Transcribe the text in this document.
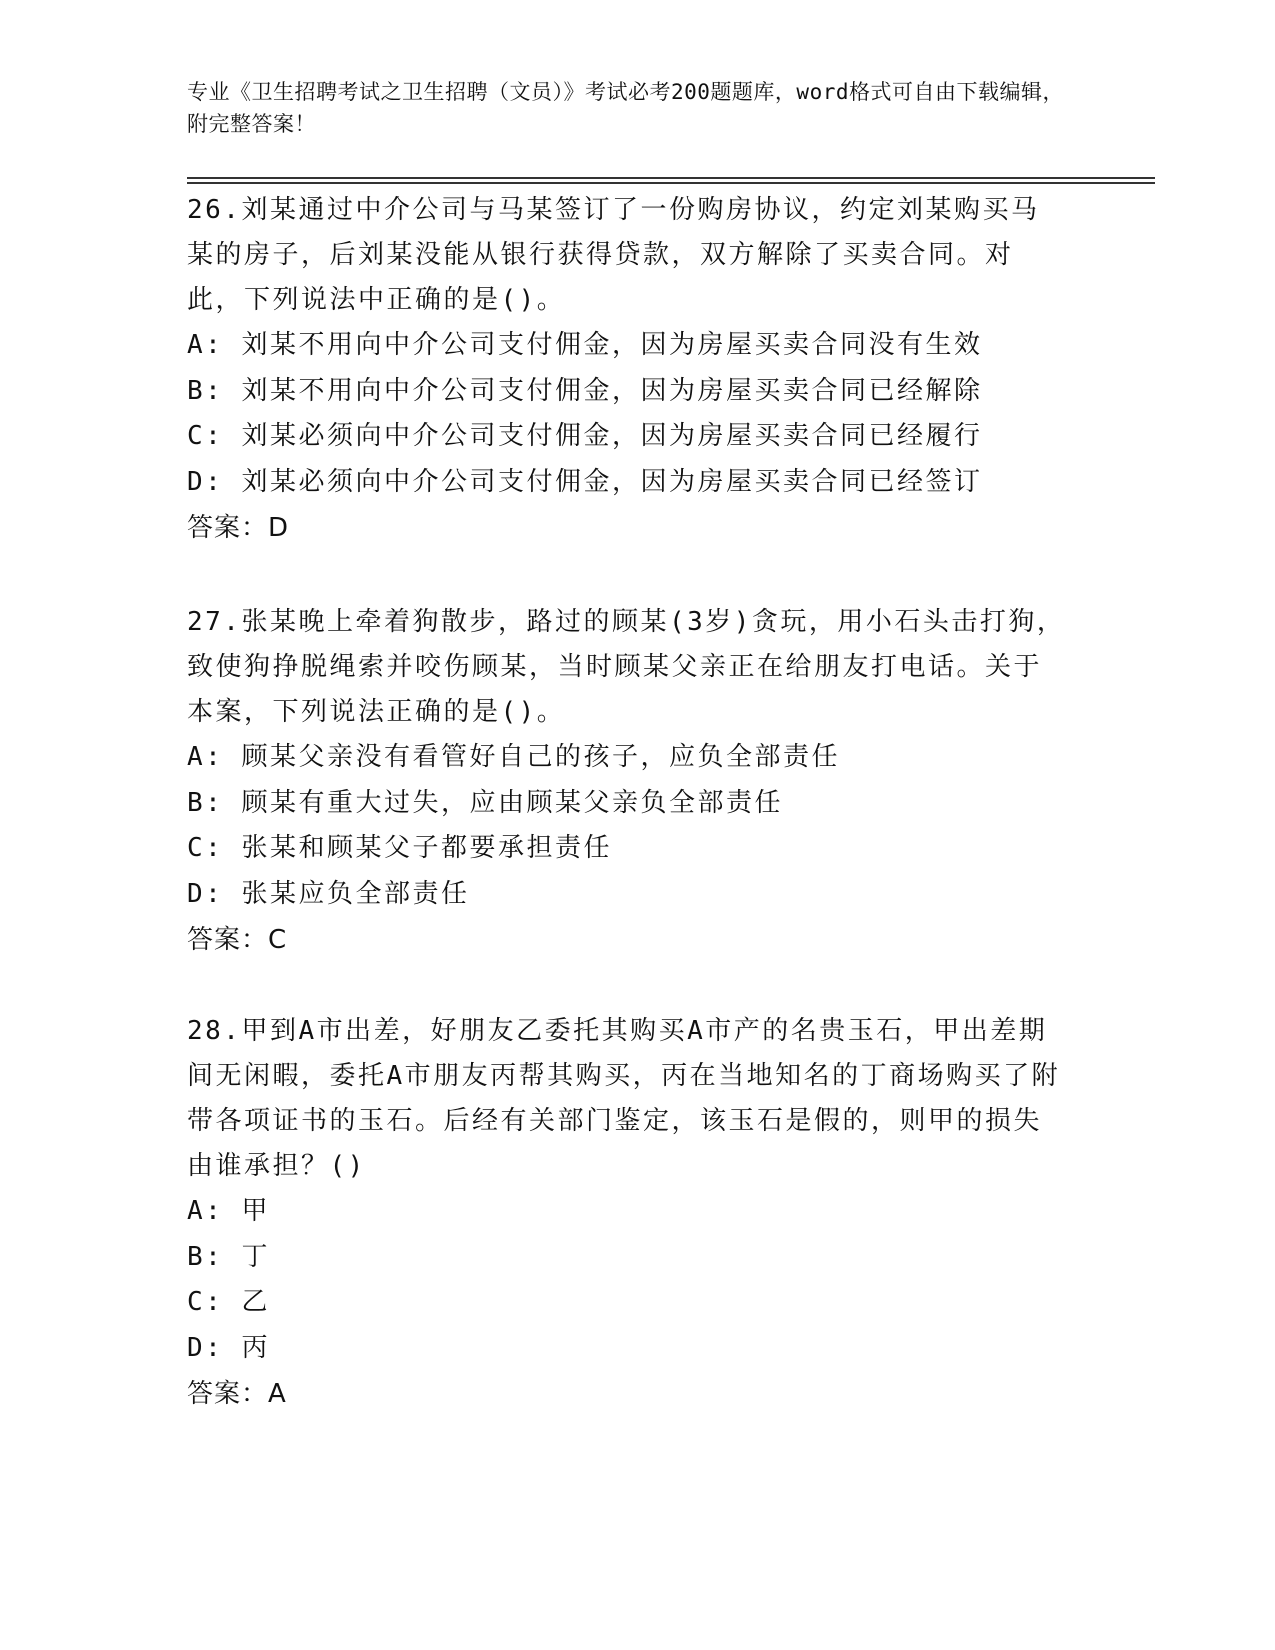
专业《卫生招聘考试之卫生招聘（文员）》考试必考200题题库，word格式可自由下载编辑，附完整答案！

26.刘某通过中介公司与马某签订了一份购房协议，约定刘某购买马某的房子，后刘某没能从银行获得贷款，双方解除了买卖合同。对此，下列说法中正确的是()。

A: 刘某不用向中介公司支付佣金，因为房屋买卖合同没有生效

B: 刘某不用向中介公司支付佣金，因为房屋买卖合同已经解除

C: 刘某必须向中介公司支付佣金，因为房屋买卖合同已经履行

D: 刘某必须向中介公司支付佣金，因为房屋买卖合同已经签订

答案：D

27.张某晚上牵着狗散步，路过的顾某(3岁)贪玩，用小石头击打狗，致使狗挣脱绳索并咬伤顾某，当时顾某父亲正在给朋友打电话。关于本案，下列说法正确的是()。

A: 顾某父亲没有看管好自己的孩子，应负全部责任

B: 顾某有重大过失，应由顾某父亲负全部责任

C: 张某和顾某父子都要承担责任

D: 张某应负全部责任

答案：C

28.甲到A市出差，好朋友乙委托其购买A市产的名贵玉石，甲出差期间无闲暇，委托A市朋友丙帮其购买，丙在当地知名的丁商场购买了附带各项证书的玉石。后经有关部门鉴定，该玉石是假的，则甲的损失由谁承担？()

A: 甲

B: 丁

C: 乙

D: 丙

答案：A
